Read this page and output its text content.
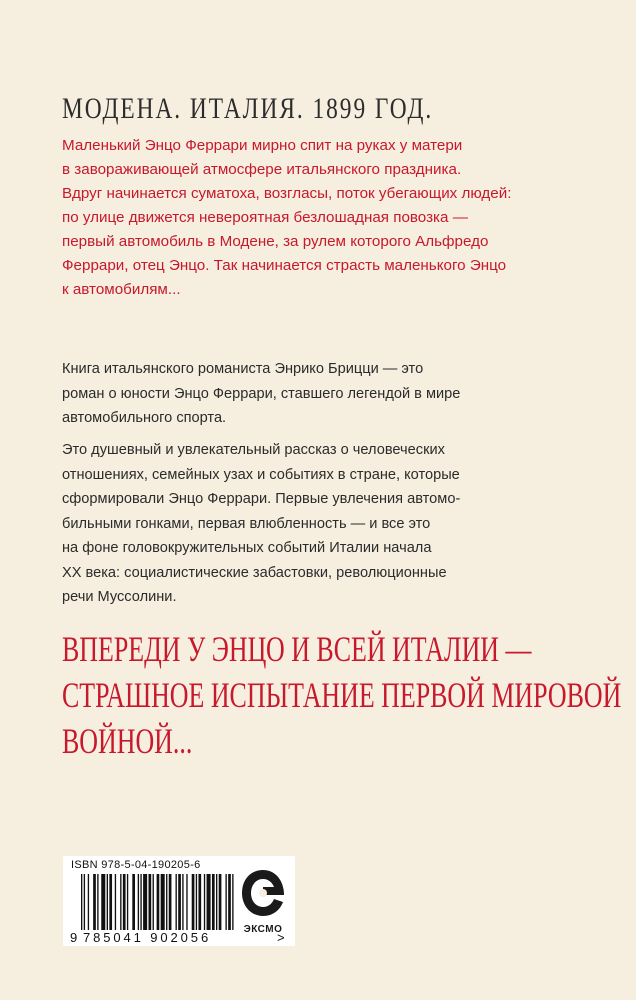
МОДЕНА. ИТАЛИЯ. 1899 ГОД.

Маленький Энцо Феррари мирно спит на руках у матери
в завораживающей атмосфере итальянского праздника.
Вдруг начинается суматоха, возгласы, поток убегающих людей:
по улице движется невероятная безлошадная повозка —
первый автомобиль в Модене, за рулем которого Альфредо
Феррари, отец Энцо. Так начинается страсть маленького Энцо
к автомобилям...

Книга итальянского романиста Энрико Брицци — это
роман о юности Энцо Феррари, ставшего легендой в мире
автомобильного спорта.

Это душевный и увлекательный рассказ о человеческих
отношениях, семейных узах и событиях в стране, которые
сформировали Энцо Феррари. Первые увлечения автомо-
бильными гонками, первая влюбленность — и все это
на фоне головокружительных событий Италии начала
XX века: социалистические забастовки, революционные
речи Муссолини.

ВПЕРЕДИ У ЭНЦО И ВСЕЙ ИТАЛИИ —
СТРАШНОЕ ИСПЫТАНИЕ ПЕРВОЙ МИРОВОЙ
ВОЙНОЙ...
ISBN 978-5-04-190205-6
9 785041 902056	>
ЭКСМО
